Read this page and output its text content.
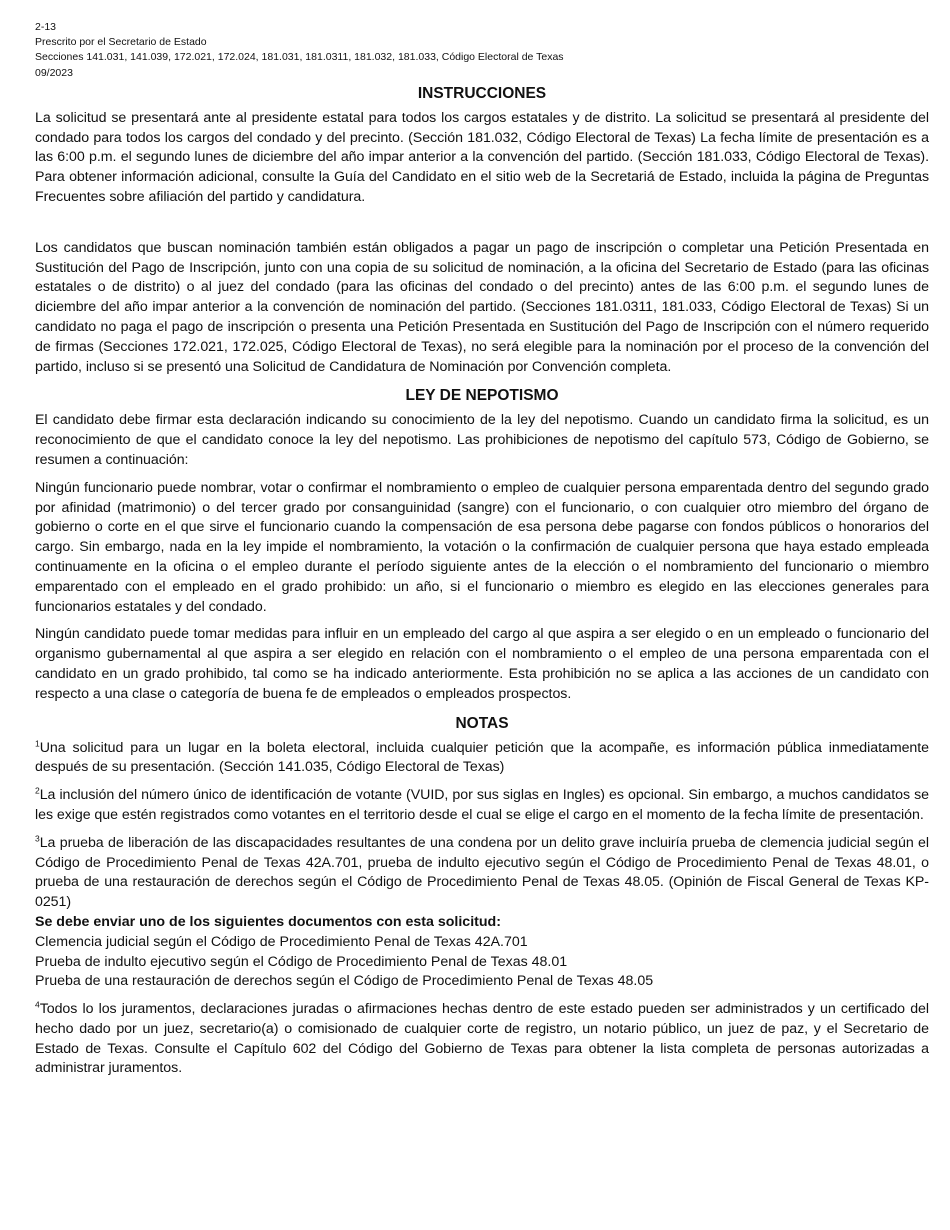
2-13
Prescrito por el Secretario de Estado
Secciones 141.031, 141.039, 172.021, 172.024, 181.031, 181.0311, 181.032, 181.033, Código Electoral de Texas
09/2023
INSTRUCCIONES

La solicitud se presentará ante al presidente estatal para todos los cargos estatales y de distrito. La solicitud se presentará al presidente del condado para todos los cargos del condado y del precinto. (Sección 181.032, Código Electoral de Texas) La fecha límite de presentación es a las 6:00 p.m. el segundo lunes de diciembre del año impar anterior a la convención del partido. (Sección 181.033, Código Electoral de Texas). Para obtener información adicional, consulte la Guía del Candidato en el sitio web de la Secretariá de Estado, incluida la página de Preguntas Frecuentes sobre afiliación del partido y candidatura.

Los candidatos que buscan nominación también están obligados a pagar un pago de inscripción o completar una Petición Presentada en Sustitución del Pago de Inscripción, junto con una copia de su solicitud de nominación, a la oficina del Secretario de Estado (para las oficinas estatales o de distrito) o al juez del condado (para las oficinas del condado o del precinto) antes de las 6:00 p.m. el segundo lunes de diciembre del año impar anterior a la convención de nominación del partido. (Secciones 181.0311, 181.033, Código Electoral de Texas) Si un candidato no paga el pago de inscripción o presenta una Petición Presentada en Sustitución del Pago de Inscripción con el número requerido de firmas (Secciones 172.021, 172.025, Código Electoral de Texas), no será elegible para la nominación por el proceso de la convención del partido, incluso si se presentó una Solicitud de Candidatura de Nominación por Convención completa.

LEY DE NEPOTISMO

El candidato debe firmar esta declaración indicando su conocimiento de la ley del nepotismo. Cuando un candidato firma la solicitud, es un reconocimiento de que el candidato conoce la ley del nepotismo. Las prohibiciones de nepotismo del capítulo 573, Código de Gobierno, se resumen a continuación:

Ningún funcionario puede nombrar, votar o confirmar el nombramiento o empleo de cualquier persona emparentada dentro del segundo grado por afinidad (matrimonio) o del tercer grado por consanguinidad (sangre) con el funcionario, o con cualquier otro miembro del órgano de gobierno o corte en el que sirve el funcionario cuando la compensación de esa persona debe pagarse con fondos públicos o honorarios del cargo. Sin embargo, nada en la ley impide el nombramiento, la votación o la confirmación de cualquier persona que haya estado empleada continuamente en la oficina o el empleo durante el período siguiente antes de la elección o el nombramiento del funcionario o miembro emparentado con el empleado en el grado prohibido: un año, si el funcionario o miembro es elegido en las elecciones generales para funcionarios estatales y del condado.

Ningún candidato puede tomar medidas para influir en un empleado del cargo al que aspira a ser elegido o en un empleado o funcionario del organismo gubernamental al que aspira a ser elegido en relación con el nombramiento o el empleo de una persona emparentada con el candidato en un grado prohibido, tal como se ha indicado anteriormente. Esta prohibición no se aplica a las acciones de un candidato con respecto a una clase o categoría de buena fe de empleados o empleados prospectos.

NOTAS

$^1$Una solicitud para un lugar en la boleta electoral, incluida cualquier petición que la acompañe, es información pública inmediatamente después de su presentación. (Sección 141.035, Código Electoral de Texas)

$^2$La inclusión del número único de identificación de votante (VUID, por sus siglas en Ingles) es opcional. Sin embargo, a muchos candidatos se les exige que estén registrados como votantes en el territorio desde el cual se elige el cargo en el momento de la fecha límite de presentación.

$^3$La prueba de liberación de las discapacidades resultantes de una condena por un delito grave incluiría prueba de clemencia judicial según el Código de Procedimiento Penal de Texas 42A.701, prueba de indulto ejecutivo según el Código de Procedimiento Penal de Texas 48.01, o prueba de una restauración de derechos según el Código de Procedimiento Penal de Texas 48.05. (Opinión de Fiscal General de Texas KP-0251)

Se debe enviar uno de los siguientes documentos con esta solicitud:
Clemencia judicial según el Código de Procedimiento Penal de Texas 42A.701
Prueba de indulto ejecutivo según el Código de Procedimiento Penal de Texas 48.01
Prueba de una restauración de derechos según el Código de Procedimiento Penal de Texas 48.05

$^4$Todos lo los juramentos, declaraciones juradas o afirmaciones hechas dentro de este estado pueden ser administrados y un certificado del hecho dado por un juez, secretario(a) o comisionado de cualquier corte de registro, un notario público, un juez de paz, y el Secretario de Estado de Texas. Consulte el Capítulo 602 del Código del Gobierno de Texas para obtener la lista completa de personas autorizadas a administrar juramentos.
